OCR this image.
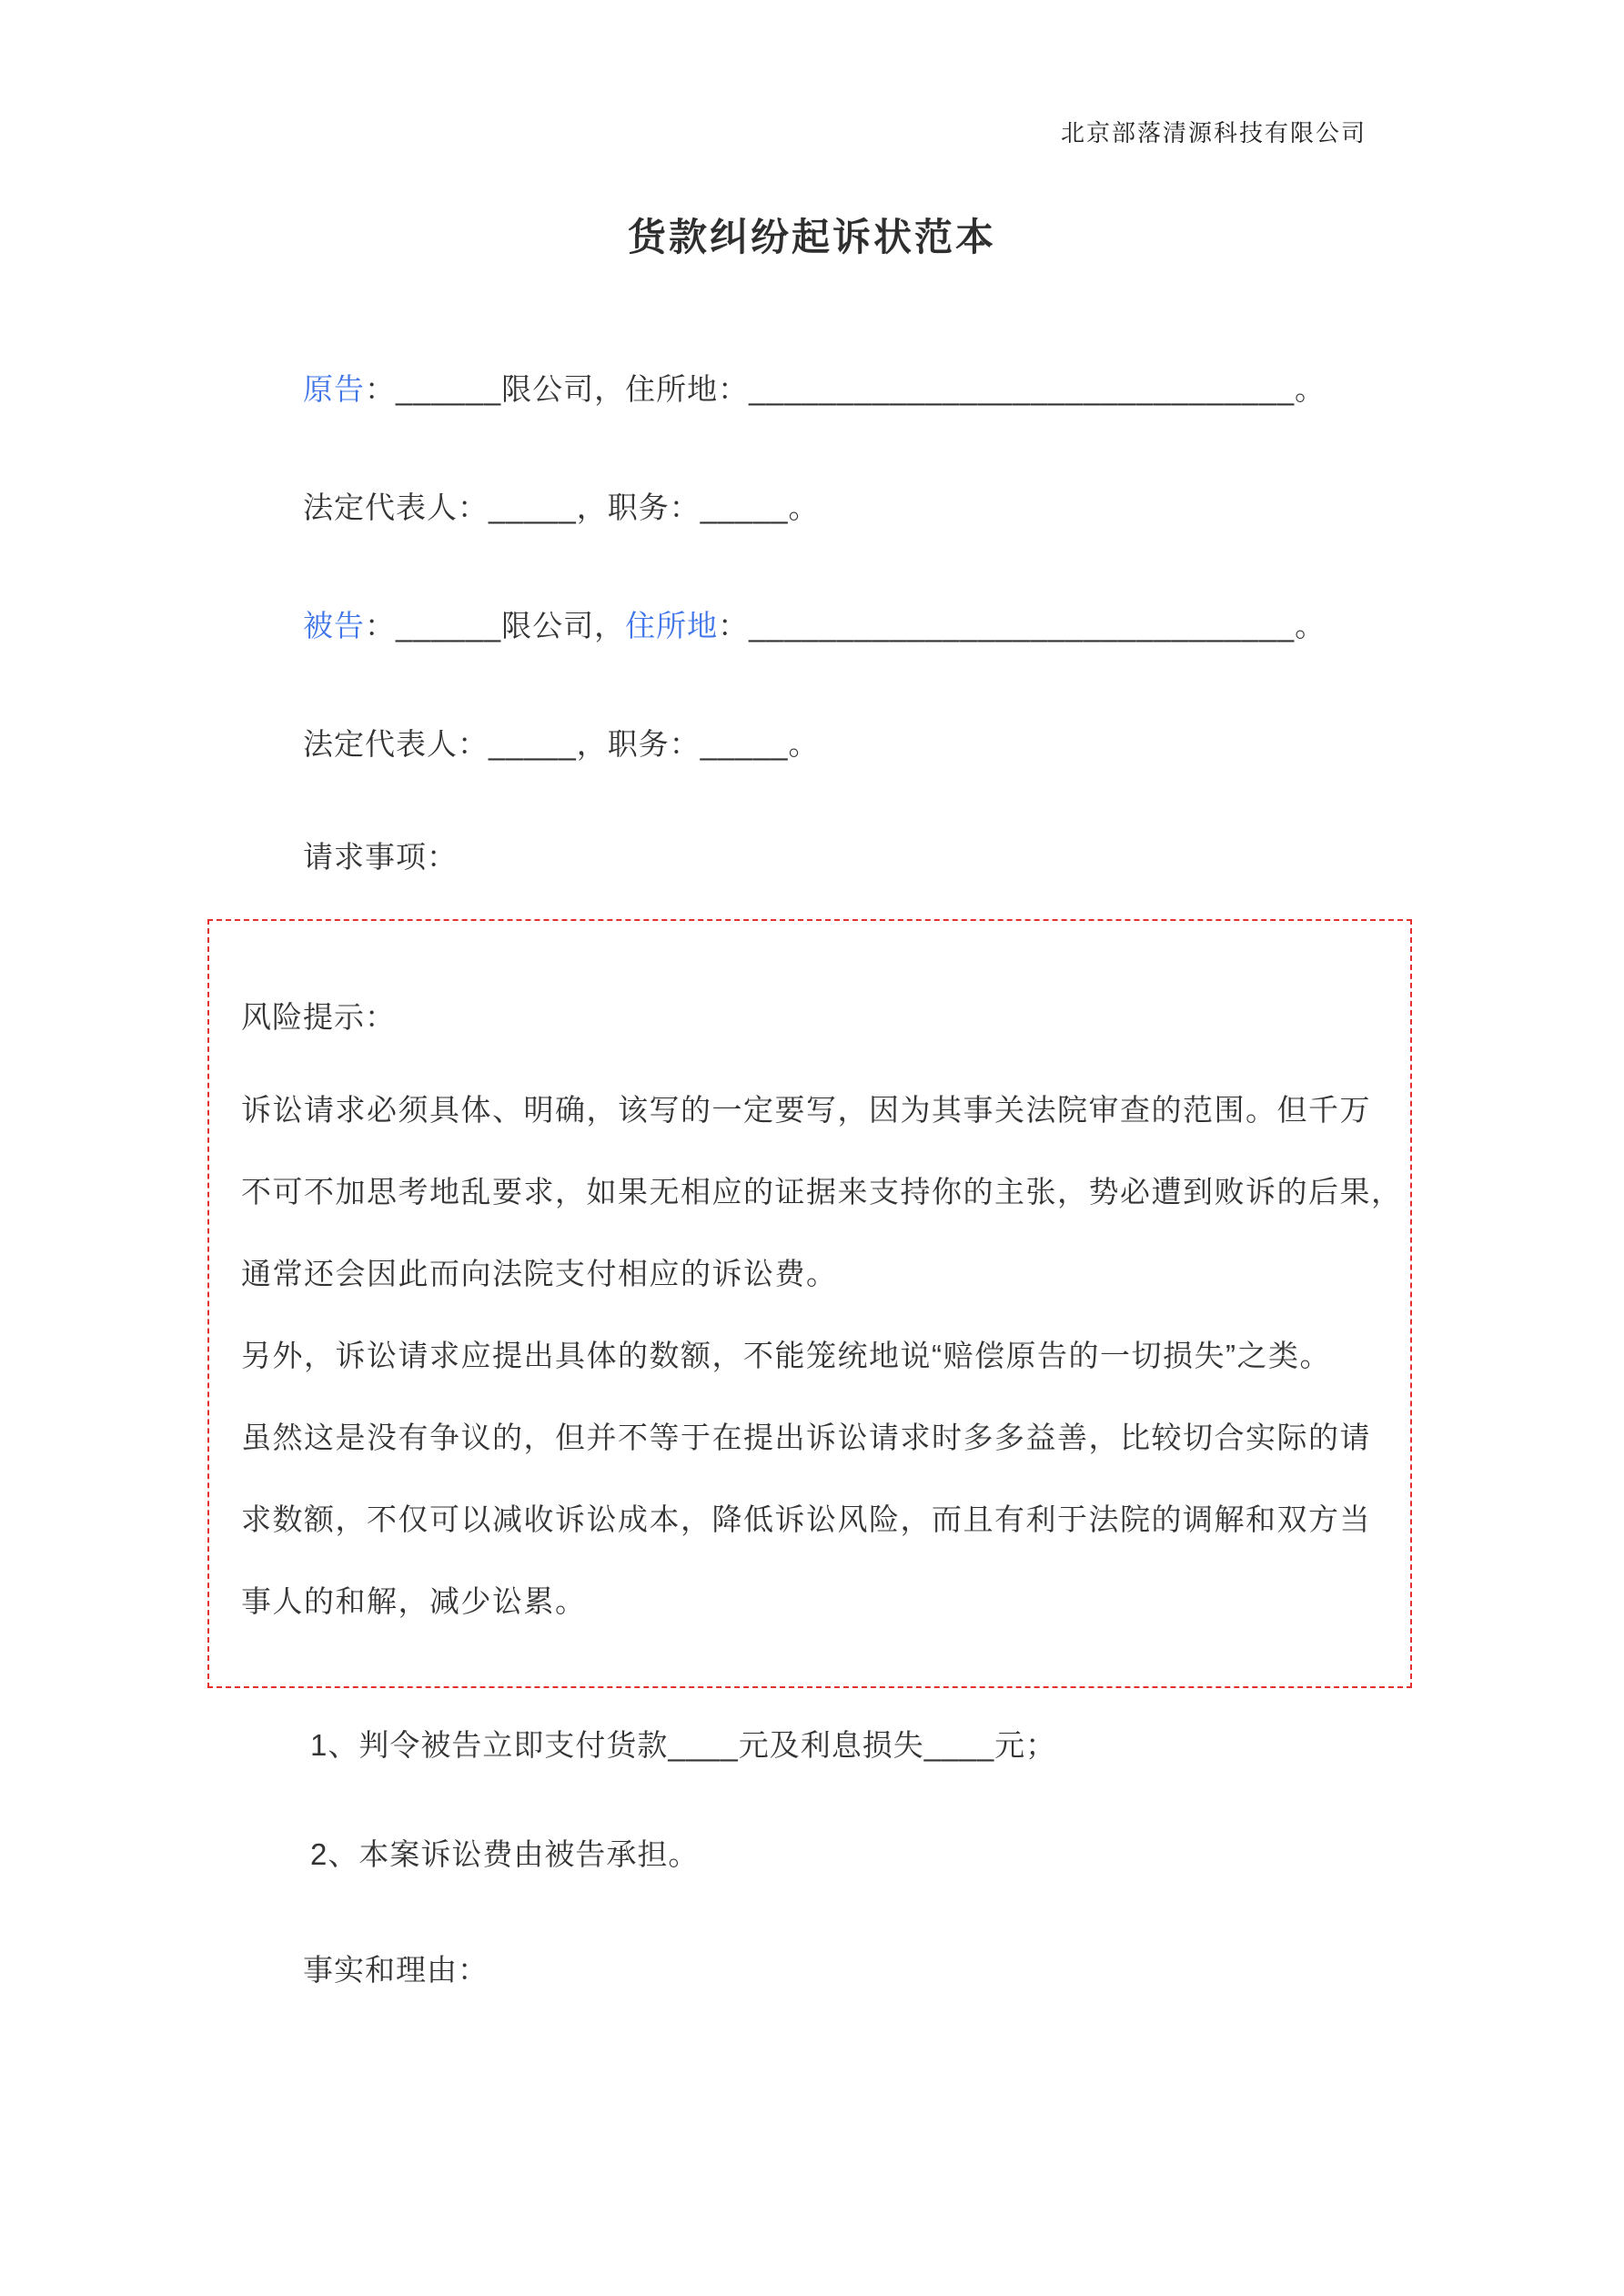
北京部落清源科技有限公司
货款纠纷起诉状范本
原告：______限公司，住所地：_______________________________。
法定代表人：_____，职务：_____。
被告：______限公司，住所地：_______________________________。
法定代表人：_____，职务：_____。
请求事项：
风险提示：
诉讼请求必须具体、明确，该写的一定要写，因为其事关法院审查的范围。但千万
不可不加思考地乱要求，如果无相应的证据来支持你的主张，势必遭到败诉的后果，
通常还会因此而向法院支付相应的诉讼费。
另外，诉讼请求应提出具体的数额，不能笼统地说“赔偿原告的一切损失”之类。
虽然这是没有争议的，但并不等于在提出诉讼请求时多多益善，比较切合实际的请
求数额，不仅可以减收诉讼成本，降低诉讼风险，而且有利于法院的调解和双方当
事人的和解，减少讼累。
1、判令被告立即支付货款____元及利息损失____元；
2、本案诉讼费由被告承担。
事实和理由：
